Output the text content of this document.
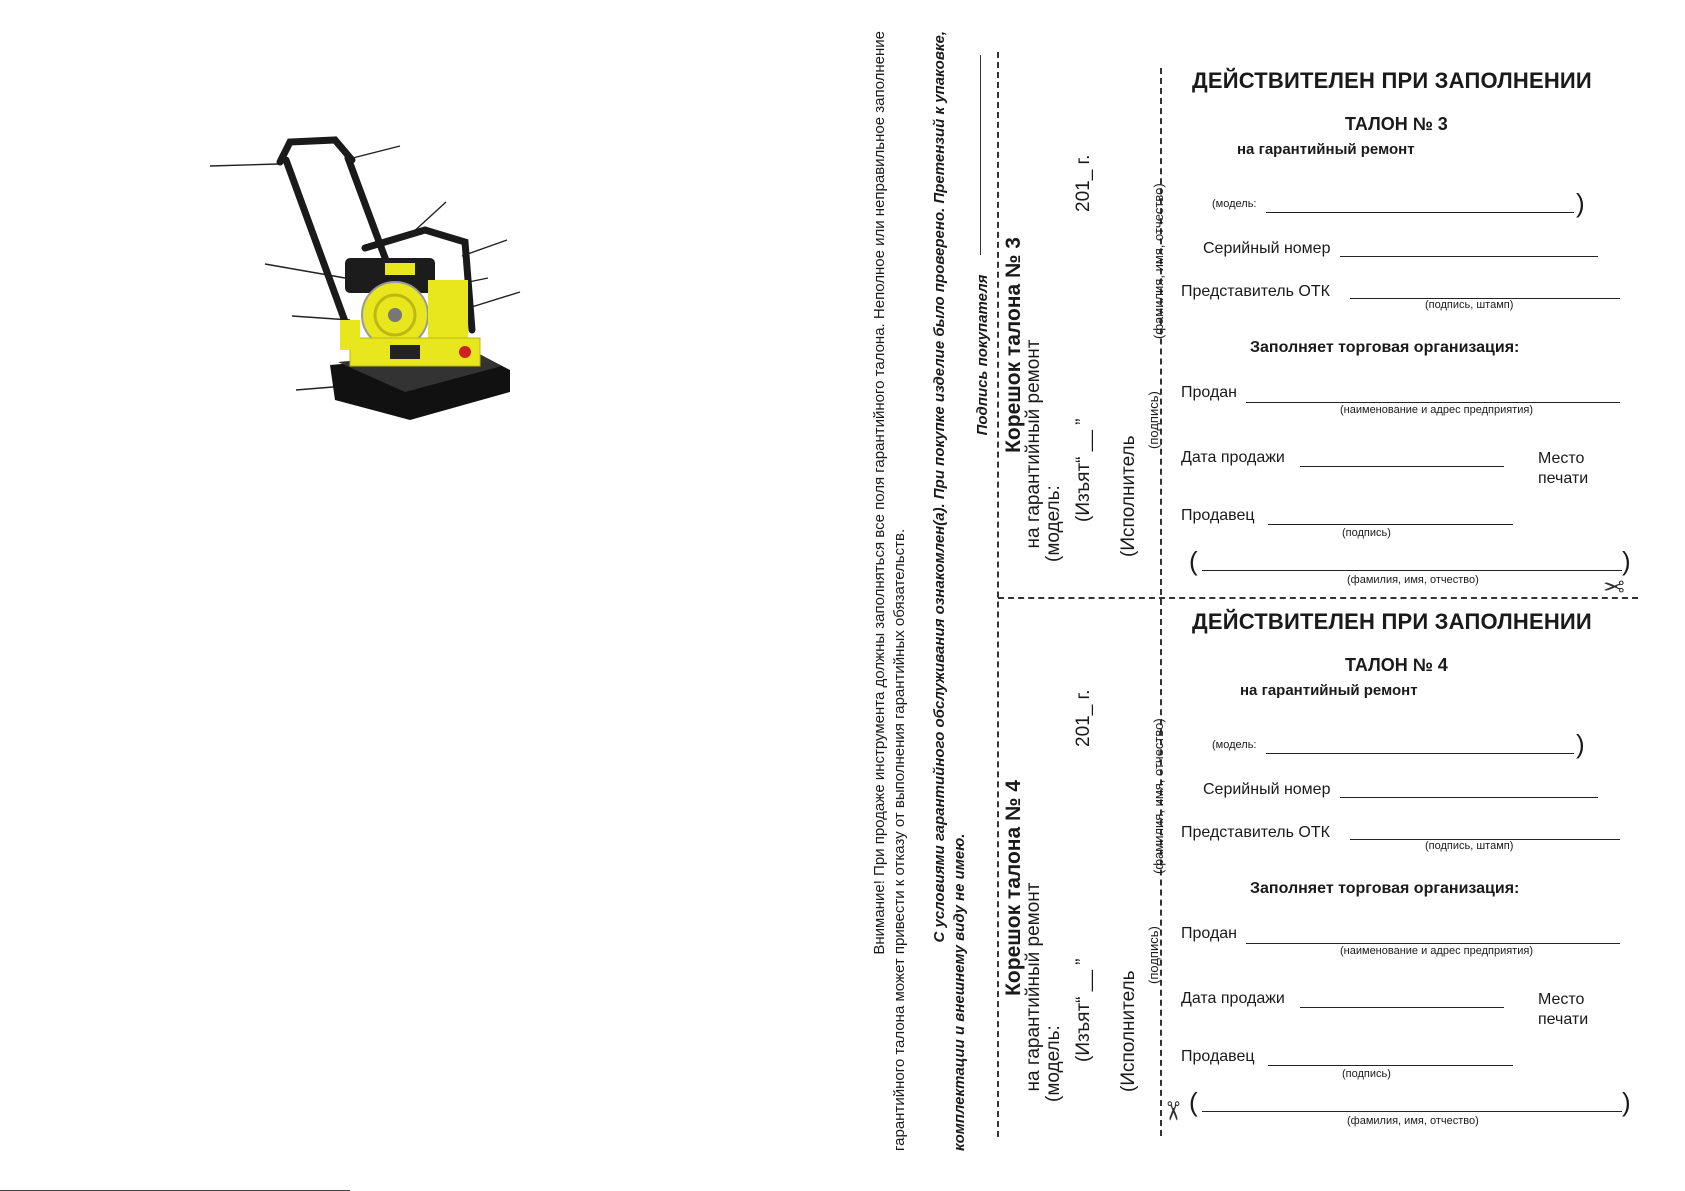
Внимание! При продаже инструмента должны заполняться все поля гарантийного талона. Неполное или неправильное заполнение гарантийного талона может привести к отказу от выполнения гарантийных обязательств. С условиями гарантийного обслуживания ознакомлен(а). При покупке изделие было проверено. Претензий к упаковке,
комплектации и внешнему виду не имею.
Подпись покупателя Корешок талона № 3
на гарантийный ремонт (модель:
(Изъят“ __ ”
201_ г.
(Исполнитель
(подпись)
(фамилия, имя, отчество)
Корешок талона № 4
на гарантийный ремонт (модель:
(Изъят“ __ ”
201_ г.
(Исполнитель
(подпись)
(фамилия, имя, отчество)
ДЕЙСТВИТЕЛЕН ПРИ ЗАПОЛНЕНИИ
ТАЛОН № 3
на гарантийный ремонт
(модель:	)
Серийный номер
Представитель ОТК
(подпись, штамп)
Заполняет торговая организация:
Продан
(наименование и адрес предприятия)
Дата продажи	Место
печати
Продавец
(подпись)
(	)
(фамилия, имя, отчество)	✂
ДЕЙСТВИТЕЛЕН ПРИ ЗАПОЛНЕНИИ
ТАЛОН № 4
на гарантийный ремонт
(модель:	)
Серийный номер
Представитель ОТК
(подпись, штамп)
Заполняет торговая организация:
Продан
(наименование и адрес предприятия)
Дата продажи	Место
печати
Продавец
(подпись)
(	)
(фамилия, имя, отчество)
✂
